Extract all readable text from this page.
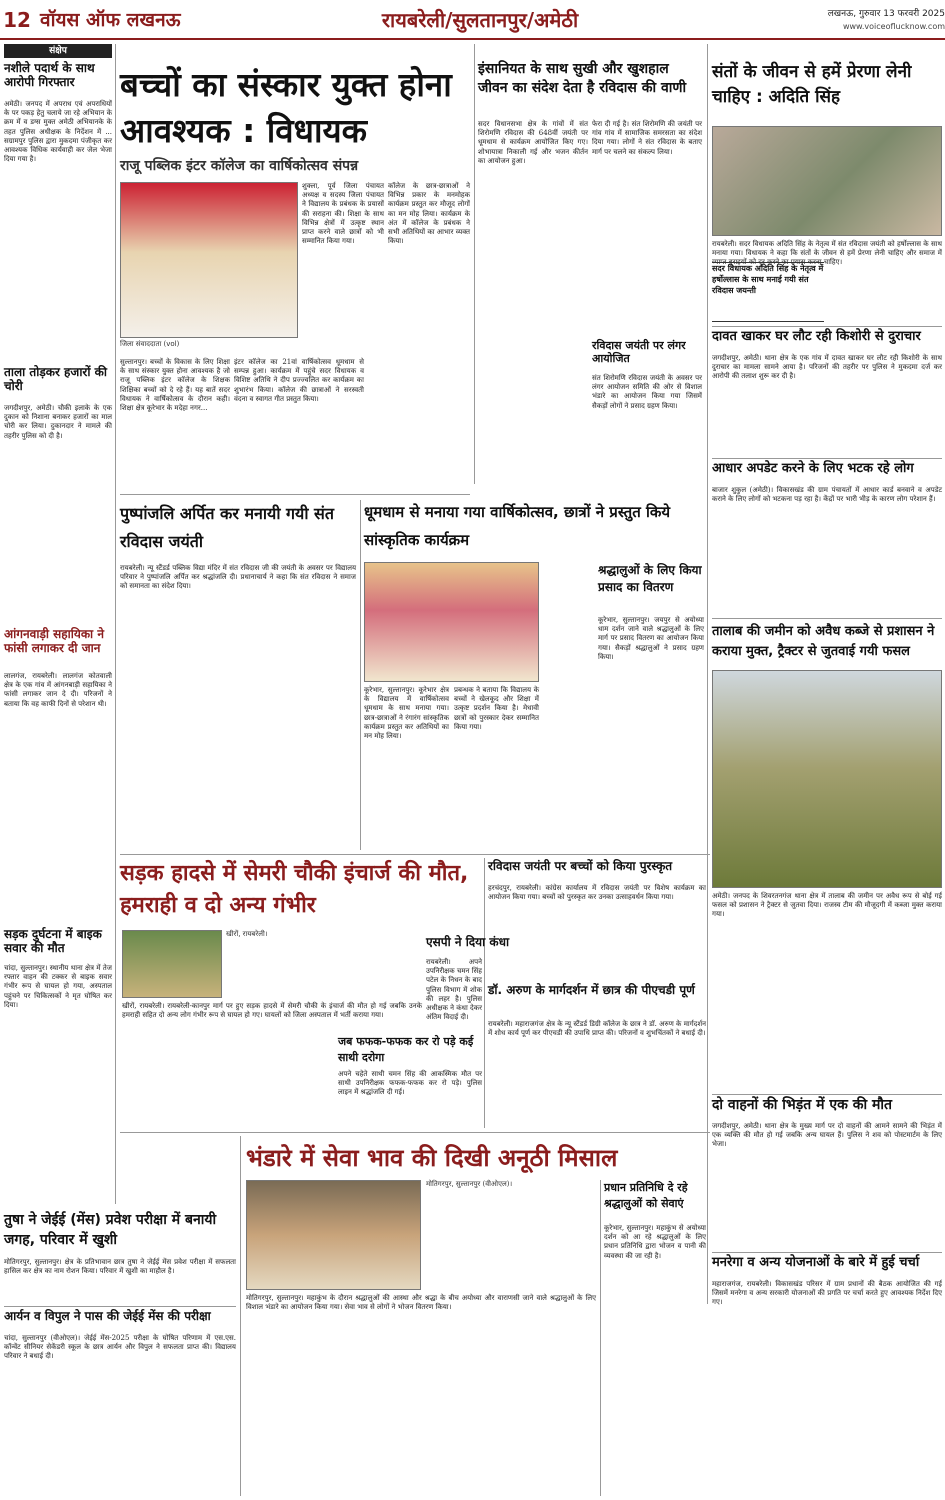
12 वॉयस ऑफ लखनऊ	रायबरेली/सुलतानपुर/अमेठी	लखनऊ, गुरुवार 13 फरवरी 2025
www.voiceoflucknow.com
संक्षेप
नशीले पदार्थ के साथ आरोपी गिरफ्तार
अमेठी। जनपद में अपराध एवं अपराधियों के पर पकड़ हेतु चलाये जा रहे अभियान के क्रम में व डग्स मुक्त अमेठी अभियानके के तहत पुलिस अधीक्षक के निर्देशन में ... सग्रामपुर पुलिस द्वारा मुकदमा पंजीकृत कर आवश्यक विधिक कार्यवाही कर जेल भेजा दिया गया है।
ताला तोड़कर हजारों की चोरी
जगदीशपुर, अमेठी। चौकी इलाके के एक दुकान को निशाना बनाकर हजारों का माल चोरी कर लिया। दुकानदार ने मामले की तहरीर पुलिस को दी है।
आंगनवाड़ी सहायिका ने फांसी लगाकर दी जान
लालगंज, रायबरेली। लालगंज कोतवाली क्षेत्र के एक गांव में आंगनबाड़ी सहायिका ने फांसी लगाकर जान दे दी। परिजनों ने बताया कि वह काफी दिनों से परेशान थी।
सड़क दुर्घटना में बाइक सवार की मौत
चांदा, सुल्तानपुर। स्थानीय थाना क्षेत्र में तेज रफ्तार वाहन की टक्कर से बाइक सवार गंभीर रूप से घायल हो गया, अस्पताल पहुंचने पर चिकित्सकों ने मृत घोषित कर दिया।
बच्चों का संस्कार युक्त होना आवश्यक : विधायक
राजू पब्लिक इंटर कॉलेज का वार्षिकोत्सव संपन्न
जिला संवाददाता (vol)
शुक्ला, पूर्व जिला पंचायत अध्यक्ष व सदस्य जिला पंचायत ने विद्यालय के प्रबंधक के प्रयासों की सराहना की। शिक्षा के साथ विभिन्न क्षेत्रों में उत्कृष्ट स्थान प्राप्त करने वाले छात्रों को भी सम्मानित किया गया।
कॉलेज के छात्र-छात्राओं ने विभिन्न प्रकार के मनमोहक कार्यक्रम प्रस्तुत कर मौजूद लोगों का मन मोह लिया। कार्यक्रम के अंत में कॉलेज के प्रबंधक ने सभी अतिथियों का आभार व्यक्त किया।
सुल्तानपुर। बच्चों के विकास के लिए शिक्षा के साथ संस्कार युक्त होना आवश्यक है जो राजू पब्लिक इंटर कॉलेज के शिक्षक शिक्षिका बच्चों को दे रहे हैं। यह बातें सदर विधायक ने वार्षिकोत्सव के दौरान कही। शिक्षा क्षेत्र कूरेभार के मदेहा नगर...
इंटर कॉलेज का 21वां वार्षिकोत्सव धूमधाम से सम्पन्न हुआ। कार्यक्रम में पहुंचे सदर विधायक व विशिष्ट अतिथि ने दीप प्रज्ज्वलित कर कार्यक्रम का शुभारंभ किया। कॉलेज की छात्राओं ने सरस्वती वंदना व स्वागत गीत प्रस्तुत किया।
इंसानियत के साथ सुखी और खुशहाल जीवन का संदेश देता है रविदास की वाणी
सदर विधानसभा क्षेत्र के गांवों में संत शिरोमणि रविदास की 648वीं जयंती पर धूमधाम से कार्यक्रम आयोजित किए गए। शोभायात्रा निकाली गई और भजन कीर्तन का आयोजन हुआ।
फेरा दी गई है। संत शिरोमणि की जयंती पर गांव गांव में सामाजिक समरसता का संदेश दिया गया। लोगों ने संत रविदास के बताए मार्ग पर चलने का संकल्प लिया।
रविदास जयंती पर लंगर आयोजित
संत शिरोमणि रविदास जयंती के अवसर पर लंगर आयोजन समिति की ओर से विशाल भंडारे का आयोजन किया गया जिसमें सैकड़ों लोगों ने प्रसाद ग्रहण किया।
संतों के जीवन से हमें प्रेरणा लेनी चाहिए : अदिति सिंह
रायबरेली। सदर विधायक अदिति सिंह के नेतृत्व में संत रविदास जयंती को हर्षोल्लास के साथ मनाया गया। विधायक ने कहा कि संतों के जीवन से हमें प्रेरणा लेनी चाहिए और समाज में व्याप्त बुराइयों को दूर करने का प्रयास करना चाहिए।
सदर विधायक अदिति सिंह के नेतृत्व में हर्षोल्लास के साथ मनाई गयी संत रविदास जयन्ती
दावत खाकर घर लौट रही किशोरी से दुराचार
जगदीशपुर, अमेठी। थाना क्षेत्र के एक गांव में दावत खाकर घर लौट रही किशोरी के साथ दुराचार का मामला सामने आया है। परिजनों की तहरीर पर पुलिस ने मुकदमा दर्ज कर आरोपी की तलाश शुरू कर दी है।
आधार अपडेट करने के लिए भटक रहे लोग
बाजार शुकुल (अमेठी)। विकासखंड की ग्राम पंचायतों में आधार कार्ड बनवाने व अपडेट कराने के लिए लोगों को भटकना पड़ रहा है। केंद्रों पर भारी भीड़ के कारण लोग परेशान हैं।
तालाब की जमीन को अवैध कब्जे से प्रशासन ने कराया मुक्त, ट्रैक्टर से जुतवाई गयी फसल
अमेठी। जनपद के शिवरतनगंज थाना क्षेत्र में तालाब की जमीन पर अवैध रूप से बोई गई फसल को प्रशासन ने ट्रैक्टर से जुतवा दिया। राजस्व टीम की मौजूदगी में कब्जा मुक्त कराया गया।
दो वाहनों की भिड़ंत में एक की मौत
जगदीशपुर, अमेठी। थाना क्षेत्र के मुख्य मार्ग पर दो वाहनों की आमने सामने की भिड़ंत में एक व्यक्ति की मौत हो गई जबकि अन्य घायल हैं। पुलिस ने शव को पोस्टमार्टम के लिए भेजा।
मनरेगा व अन्य योजनाओं के बारे में हुई चर्चा
महाराजगंज, रायबरेली। विकासखंड परिसर में ग्राम प्रधानों की बैठक आयोजित की गई जिसमें मनरेगा व अन्य सरकारी योजनाओं की प्रगति पर चर्चा करते हुए आवश्यक निर्देश दिए गए।
पुष्पांजलि अर्पित कर मनायी गयी संत रविदास जयंती
रायबरेली। न्यू स्टैंडर्ड पब्लिक विद्या मंदिर में संत रविदास जी की जयंती के अवसर पर विद्यालय परिवार ने पुष्पांजलि अर्पित कर श्रद्धांजलि दी। प्रधानाचार्य ने कहा कि संत रविदास ने समाज को समानता का संदेश दिया।
धूमधाम से मनाया गया वार्षिकोत्सव, छात्रों ने प्रस्तुत किये सांस्कृतिक कार्यक्रम
कूरेभार, सुल्तानपुर। कूरेभार क्षेत्र के विद्यालय में वार्षिकोत्सव धूमधाम के साथ मनाया गया। छात्र-छात्राओं ने रंगारंग सांस्कृतिक कार्यक्रम प्रस्तुत कर अतिथियों का मन मोह लिया।
प्रबन्धक ने बताया कि विद्यालय के बच्चों ने खेलकूद और शिक्षा में उत्कृष्ट प्रदर्शन किया है। मेधावी छात्रों को पुरस्कार देकर सम्मानित किया गया।
श्रद्धालुओं के लिए किया प्रसाद का वितरण
कूरेभार, सुल्तानपुर। जयपुर से अयोध्या धाम दर्शन जाने वाले श्रद्धालुओं के लिए मार्ग पर प्रसाद वितरण का आयोजन किया गया। सैकड़ों श्रद्धालुओं ने प्रसाद ग्रहण किया।
सड़क हादसे में सेमरी चौकी इंचार्ज की मौत, हमराही व दो अन्य गंभीर
खीरों, रायबरेली।
खीरों, रायबरेली। रायबरेली-कानपुर मार्ग पर हुए सड़क हादसे में सेमरी चौकी के इंचार्ज की मौत हो गई जबकि उनके हमराही सहित दो अन्य लोग गंभीर रूप से घायल हो गए। घायलों को जिला अस्पताल में भर्ती कराया गया।
रविदास जयंती पर बच्चों को किया पुरस्कृत
हरचंदपुर, रायबरेली। कांग्रेस कार्यालय में रविदास जयंती पर विशेष कार्यक्रम का आयोजन किया गया। बच्चों को पुरस्कृत कर उनका उत्साहवर्धन किया गया।
एसपी ने दिया कंधा
रायबरेली। अपने उपनिरीक्षक चमन सिंह पटेल के निधन के बाद पुलिस विभाग में शोक की लहर है। पुलिस अधीक्षक ने कंधा देकर अंतिम विदाई दी।
जब फफक-फफक कर रो पड़े कई साथी दरोगा
अपने चहेते साथी चमन सिंह की आकस्मिक मौत पर साथी उपनिरीक्षक फफक-फफक कर रो पड़े। पुलिस लाइन में श्रद्धांजलि दी गई।
डॉ. अरुण के मार्गदर्शन में छात्र की पीएचडी पूर्ण
रायबरेली। महाराजगंज क्षेत्र के न्यू स्टैंडर्ड डिग्री कॉलेज के छात्र ने डॉ. अरुण के मार्गदर्शन में शोध कार्य पूर्ण कर पीएचडी की उपाधि प्राप्त की। परिजनों व शुभचिंतकों ने बधाई दी।
तुषा ने जेईई (मेंस) प्रवेश परीक्षा में बनायी जगह, परिवार में खुशी
मोतिगरपुर, सुल्तानपुर। क्षेत्र के प्रतिभावान छात्र तुषा ने जेईई मेंस प्रवेश परीक्षा में सफलता हासिल कर क्षेत्र का नाम रोशन किया। परिवार में खुशी का माहौल है।
आर्यन व विपुल ने पास की जेईई मेंस की परीक्षा
चांदा, सुल्तानपुर (वीओएल)। जेईई मेंस-2025 परीक्षा के घोषित परिणाम में एस.एस. कॉन्वेंट सीनियर सेकेंडरी स्कूल के छात्र आर्यन और विपुल ने सफलता प्राप्त की। विद्यालय परिवार ने बधाई दी।
भंडारे में सेवा भाव की दिखी अनूठी मिसाल
मोतिगरपुर, सुल्तानपुर (वीओएल)।
मोतिगरपुर, सुल्तानपुर। महाकुंभ के दौरान श्रद्धालुओं की आस्था और श्रद्धा के बीच अयोध्या और वाराणसी जाने वाले श्रद्धालुओं के लिए विशाल भंडारे का आयोजन किया गया। सेवा भाव से लोगों ने भोजन वितरण किया।
प्रधान प्रतिनिधि दे रहे श्रद्धालुओं को सेवाएं
कूरेभार, सुल्तानपुर। महाकुंभ से अयोध्या दर्शन को आ रहे श्रद्धालुओं के लिए प्रधान प्रतिनिधि द्वारा भोजन व पानी की व्यवस्था की जा रही है।
